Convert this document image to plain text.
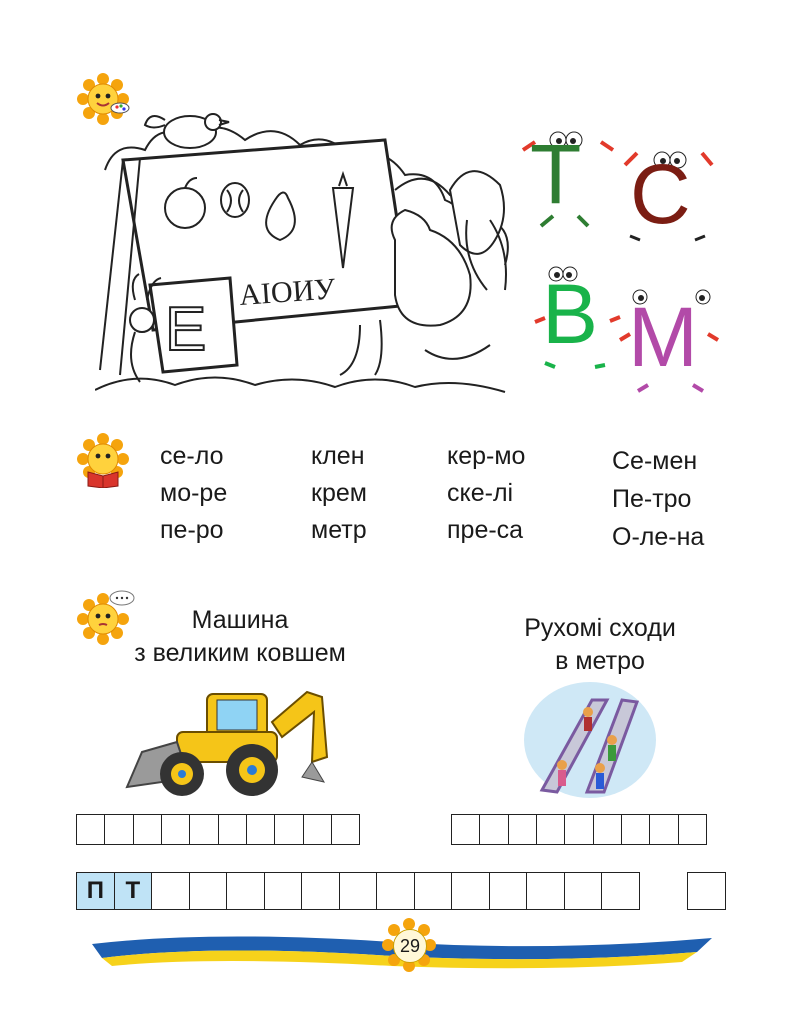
АІОИУ
Е
Т С
В М
се-ло
мо-ре
пе-ро
клен
крем
метр
кер-мо
ске-лі
пре-са
Се-мен
Пе-тро
О-ле-на
Машина
з великим ковшем
Рухомі сходи
в метро
П Т
29
